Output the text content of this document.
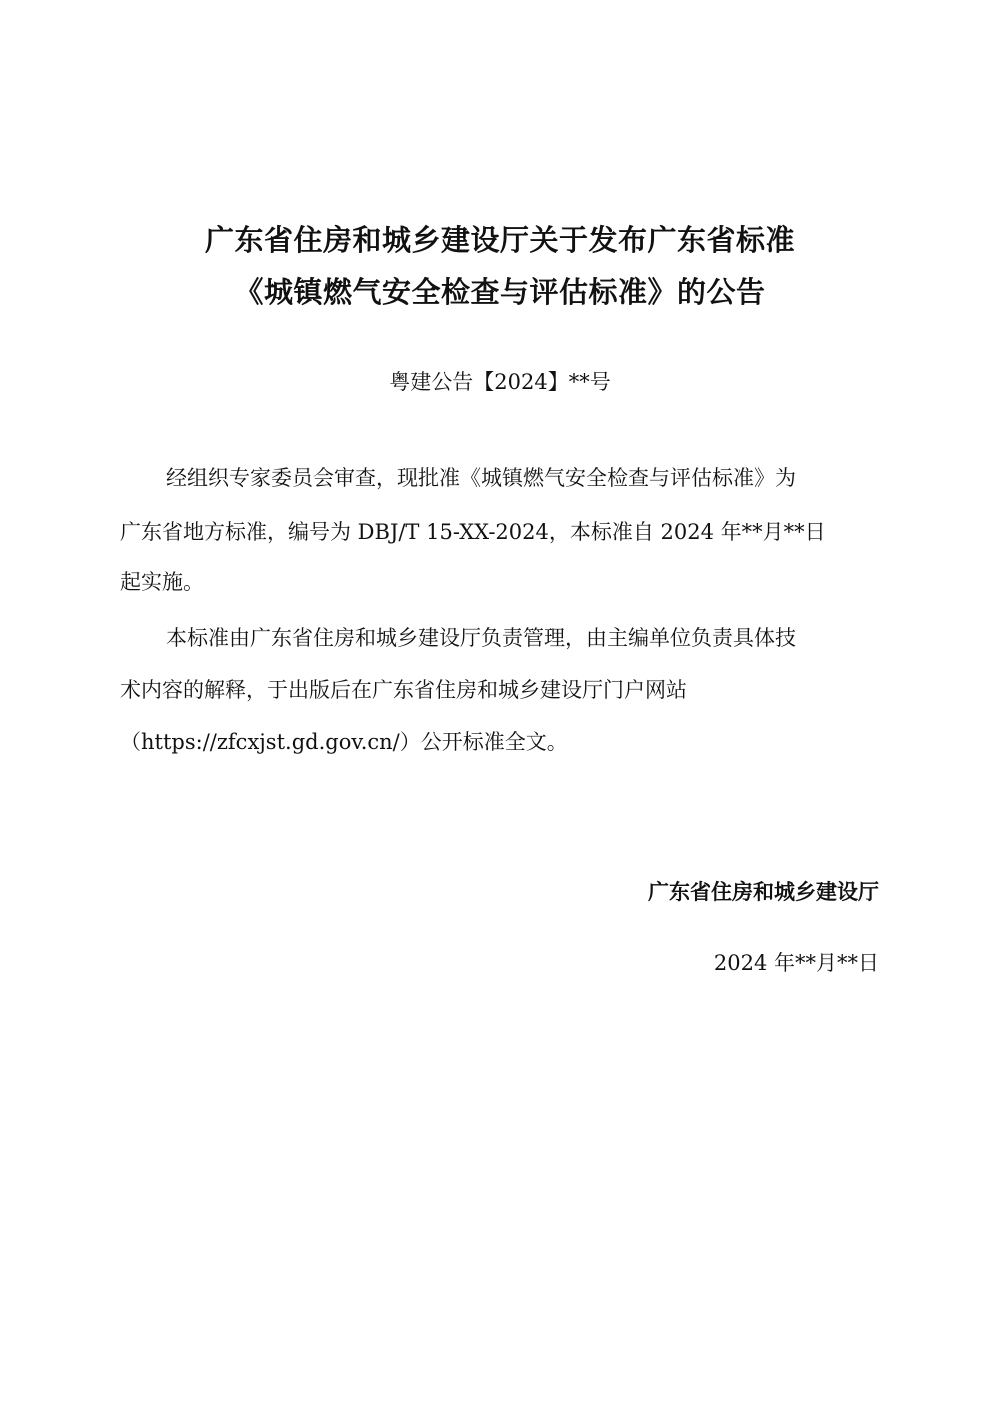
广东省住房和城乡建设厅关于发布广东省标准
《城镇燃气安全检查与评估标准》的公告
粤建公告【2024】**号
经组织专家委员会审查，现批准《城镇燃气安全检查与评估标准》为
广东省地方标准，编号为 DBJ/T 15-XX-2024，本标准自 2024 年**月**日
起实施。
本标准由广东省住房和城乡建设厅负责管理，由主编单位负责具体技
术内容的解释，于出版后在广东省住房和城乡建设厅门户网站
（https://zfcxjst.gd.gov.cn/）公开标准全文。
广东省住房和城乡建设厅
2024 年**月**日
